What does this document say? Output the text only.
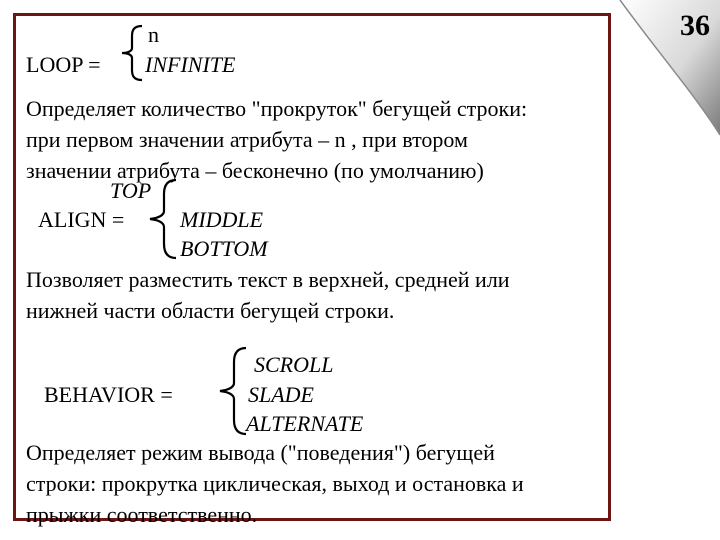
36
LOOP =
n
INFINITE
Определяет количество "прокруток" бегущей строки:
при первом значении атрибута – n , при втором
значении атрибута – бесконечно (по умолчанию)
ALIGN =
TOP
MIDDLE
BOTTOM
Позволяет разместить текст в верхней, средней или
нижней части области бегущей строки.
BEHAVIOR =
SCROLL
SLADE
ALTERNATE
Определяет режим вывода ("поведения") бегущей
строки: прокрутка циклическая, выход и остановка и
прыжки соответственно.
